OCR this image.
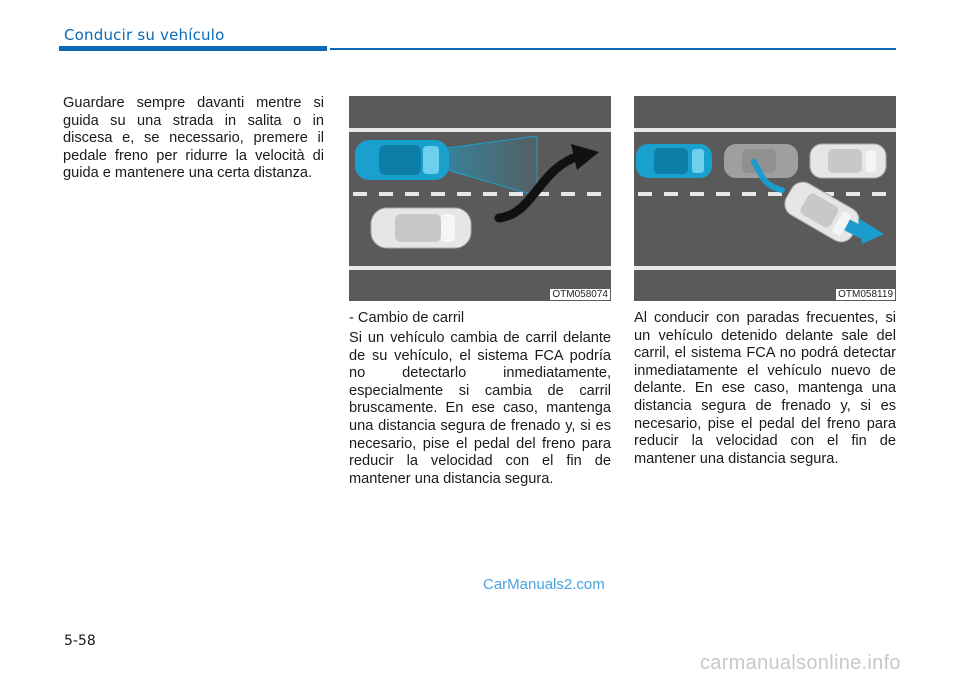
Conducir su vehículo

Guardare sempre davanti mentre si guida su una strada in salita o in discesa e, se necessario, premere il pedale freno per ridurre la velocità di guida e mantenere una certa distanza.

OTM058074

- Cambio de carril

Si un vehículo cambia de carril delante de su vehículo, el sistema FCA podría no detectarlo inmediatamente, especialmente si cambia de carril bruscamente. En ese caso, mantenga una distancia segura de frenado y, si es necesario, pise el pedal del freno para reducir la velocidad con el fin de mantener una distancia segura.

OTM058119

Al conducir con paradas frecuentes, si un vehículo detenido delante sale del carril, el sistema FCA no podrá detectar inmediatamente el vehículo nuevo de delante. En ese caso, mantenga una distancia segura de frenado y, si es necesario, pise el pedal del freno para reducir la velocidad con el fin de mantener una distancia segura.

CarManuals2.com
5-58
carmanualsonline.info
